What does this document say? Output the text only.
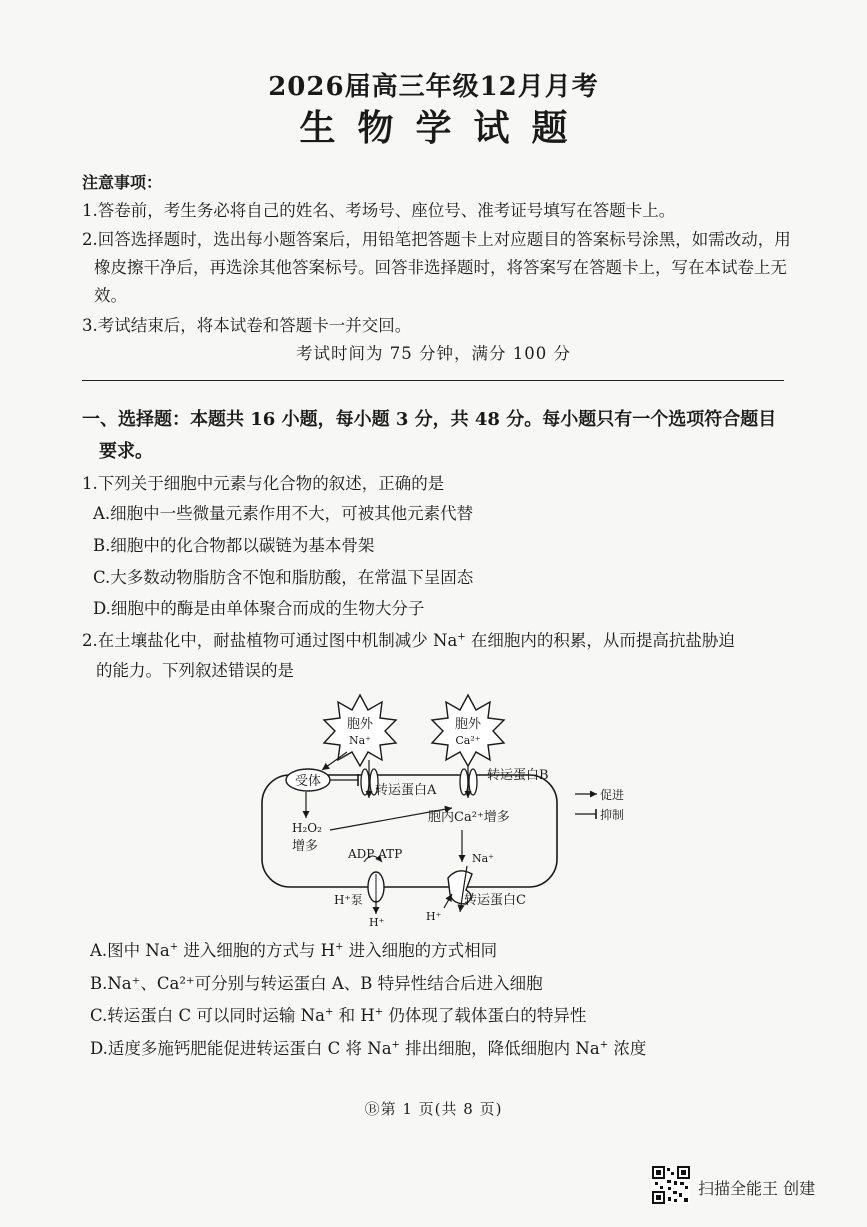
2026届高三年级12月月考
生物学试题
注意事项：
1.答卷前，考生务必将自己的姓名、考场号、座位号、准考证号填写在答题卡上。
2.回答选择题时，选出每小题答案后，用铅笔把答题卡上对应题目的答案标号涂黑，如需改动，用橡皮擦干净后，再选涂其他答案标号。回答非选择题时，将答案写在答题卡上，写在本试卷上无效。
3.考试结束后，将本试卷和答题卡一并交回。
考试时间为 75 分钟，满分 100 分
一、选择题：本题共 16 小题，每小题 3 分，共 48 分。每小题只有一个选项符合题目
要求。
1.下列关于细胞中元素与化合物的叙述，正确的是
A.细胞中一些微量元素作用不大，可被其他元素代替
B.细胞中的化合物都以碳链为基本骨架
C.大多数动物脂肪含不饱和脂肪酸，在常温下呈固态
D.细胞中的酶是由单体聚合而成的生物大分子
2.在土壤盐化中，耐盐植物可通过图中机制减少 Na+ 在细胞内的积累，从而提高抗盐胁迫
的能力。下列叙述错误的是
胞外
Na⁺
胞外
Ca²⁺
受体
转运蛋白A
转运蛋白B
H₂O₂
增多
胞内Ca²⁺增多
ADP ATP
H⁺泵
H⁺
Na⁺
H⁺
转运蛋白C
促进
抑制
A.图中 Na+ 进入细胞的方式与 H+ 进入细胞的方式相同
B.Na⁺、Ca²⁺可分别与转运蛋白 A、B 特异性结合后进入细胞
C.转运蛋白 C 可以同时运输 Na+ 和 H+ 仍体现了载体蛋白的特异性
D.适度多施钙肥能促进转运蛋白 C 将 Na+ 排出细胞，降低细胞内 Na+ 浓度
Ⓑ第 1 页(共 8 页)
扫描全能王 创建
